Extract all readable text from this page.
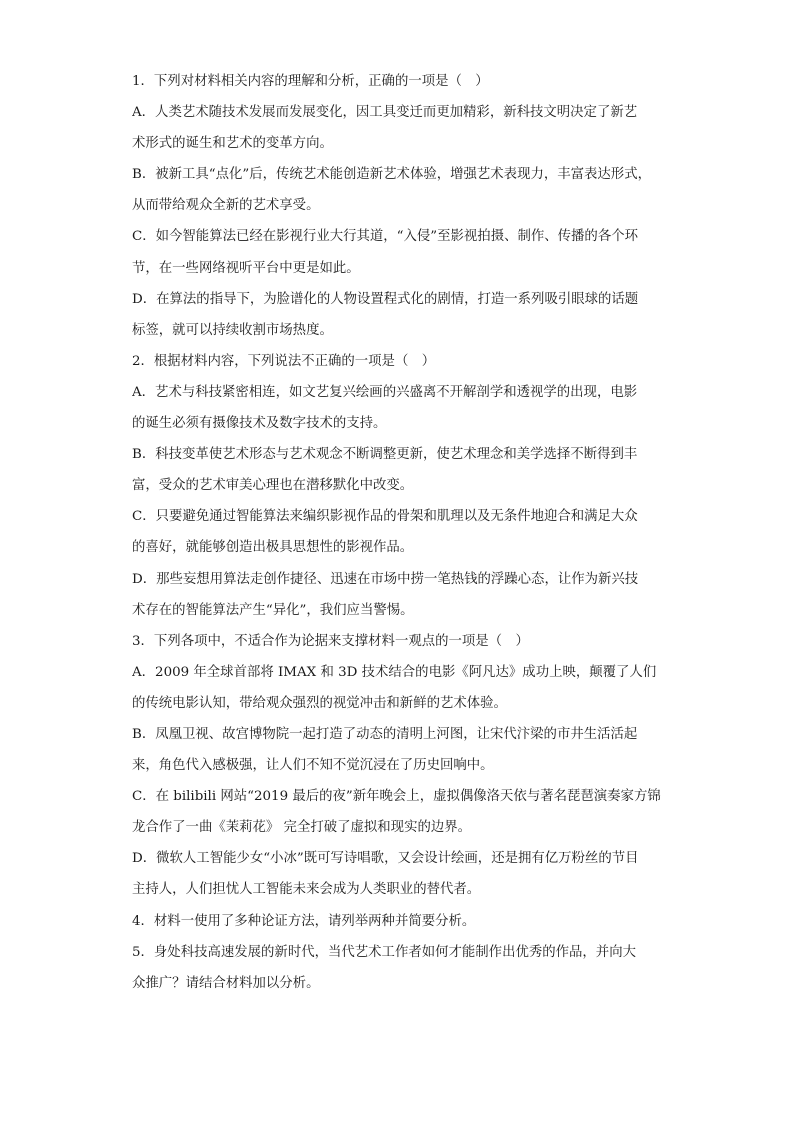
1．下列对材料相关内容的理解和分析，正确的一项是（　）
A．人类艺术随技术发展而发展变化，因工具变迁而更加精彩，新科技文明决定了新艺
术形式的诞生和艺术的变革方向。
B．被新工具“点化”后，传统艺术能创造新艺术体验，增强艺术表现力，丰富表达形式，
从而带给观众全新的艺术享受。
C．如今智能算法已经在影视行业大行其道，“入侵”至影视拍摄、制作、传播的各个环
节，在一些网络视听平台中更是如此。
D．在算法的指导下，为脸谱化的人物设置程式化的剧情，打造一系列吸引眼球的话题
标签，就可以持续收割市场热度。
2．根据材料内容，下列说法不正确的一项是（　）
A．艺术与科技紧密相连，如文艺复兴绘画的兴盛离不开解剖学和透视学的出现，电影
的诞生必须有摄像技术及数字技术的支持。
B．科技变革使艺术形态与艺术观念不断调整更新，使艺术理念和美学选择不断得到丰
富，受众的艺术审美心理也在潜移默化中改变。
C．只要避免通过智能算法来编织影视作品的骨架和肌理以及无条件地迎合和满足大众
的喜好，就能够创造出极具思想性的影视作品。
D．那些妄想用算法走创作捷径、迅速在市场中捞一笔热钱的浮躁心态，让作为新兴技
术存在的智能算法产生“异化”，我们应当警惕。
3．下列各项中，不适合作为论据来支撑材料一观点的一项是（　）
A．2009 年全球首部将 IMAX 和 3D 技术结合的电影《阿凡达》成功上映，颠覆了人们
的传统电影认知，带给观众强烈的视觉冲击和新鲜的艺术体验。
B．凤凰卫视、故宫博物院一起打造了动态的清明上河图，让宋代汴梁的市井生活活起
来，角色代入感极强，让人们不知不觉沉浸在了历史回响中。
C．在 bilibili 网站“2019 最后的夜”新年晚会上，虚拟偶像洛天依与著名琵琶演奏家方锦
龙合作了一曲《茉莉花》 完全打破了虚拟和现实的边界。
D．微软人工智能少女“小冰”既可写诗唱歌，又会设计绘画，还是拥有亿万粉丝的节目
主持人，人们担忧人工智能未来会成为人类职业的替代者。
4．材料一使用了多种论证方法，请列举两种并简要分析。
5．身处科技高速发展的新时代，当代艺术工作者如何才能制作出优秀的作品，并向大
众推广？请结合材料加以分析。
